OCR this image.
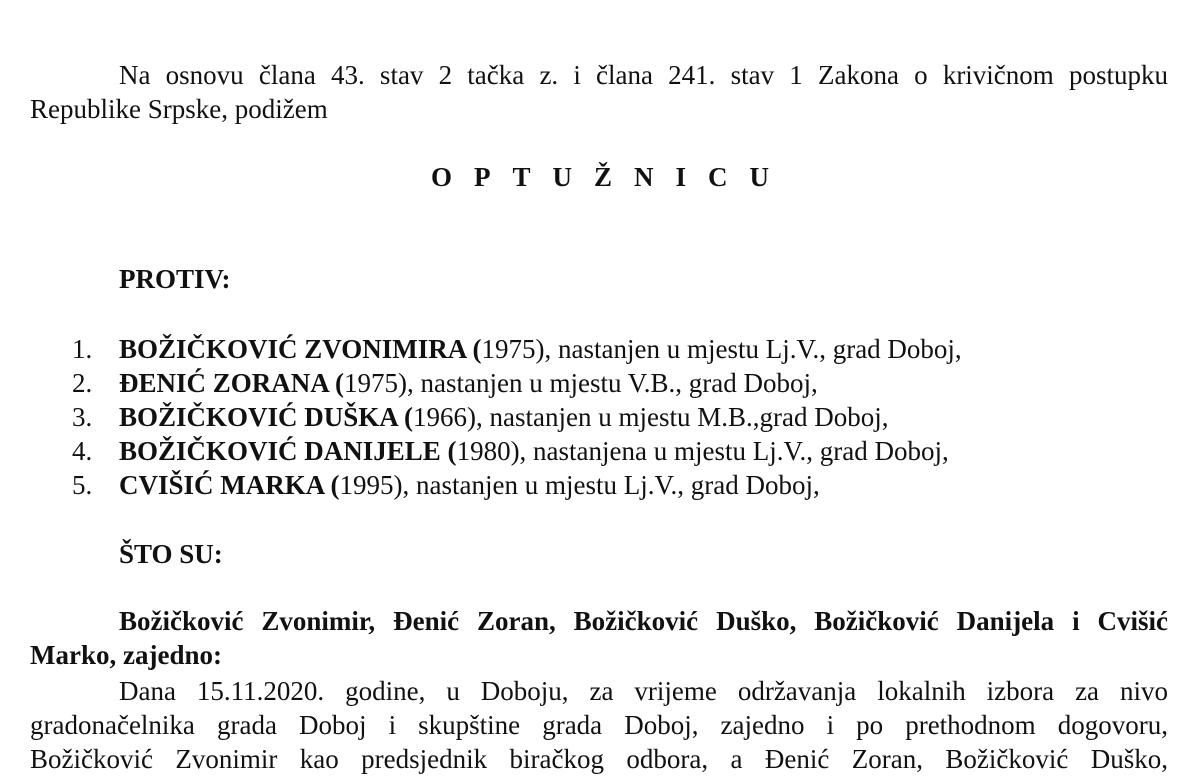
Na osnovu člana 43. stav 2 tačka z. i člana 241. stav 1 Zakona o krivičnom postupku
Republike Srpske, podižem
OPTUŽNICU
PROTIV:
1. BOŽIČKOVIĆ ZVONIMIRA (1975), nastanjen u mjestu Lj.V., grad Doboj,
2. ĐENIĆ ZORANA (1975), nastanjen u mjestu V.B., grad Doboj,
3. BOŽIČKOVIĆ DUŠKA (1966), nastanjen u mjestu M.B.,grad Doboj,
4. BOŽIČKOVIĆ DANIJELE (1980), nastanjena u mjestu Lj.V., grad Doboj,
5. CVIŠIĆ MARKA (1995), nastanjen u mjestu Lj.V., grad Doboj,
ŠTO SU:
Božičković Zvonimir, Đenić Zoran, Božičković Duško, Božičković Danijela i Cvišić
Marko, zajedno:
Dana 15.11.2020. godine, u Doboju, za vrijeme održavanja lokalnih izbora za nivo
gradonačelnika grada Doboj i skupštine grada Doboj, zajedno i po prethodnom dogovoru,
Božičković Zvonimir kao predsjednik biračkog odbora, a Đenić Zoran, Božičković Duško,
